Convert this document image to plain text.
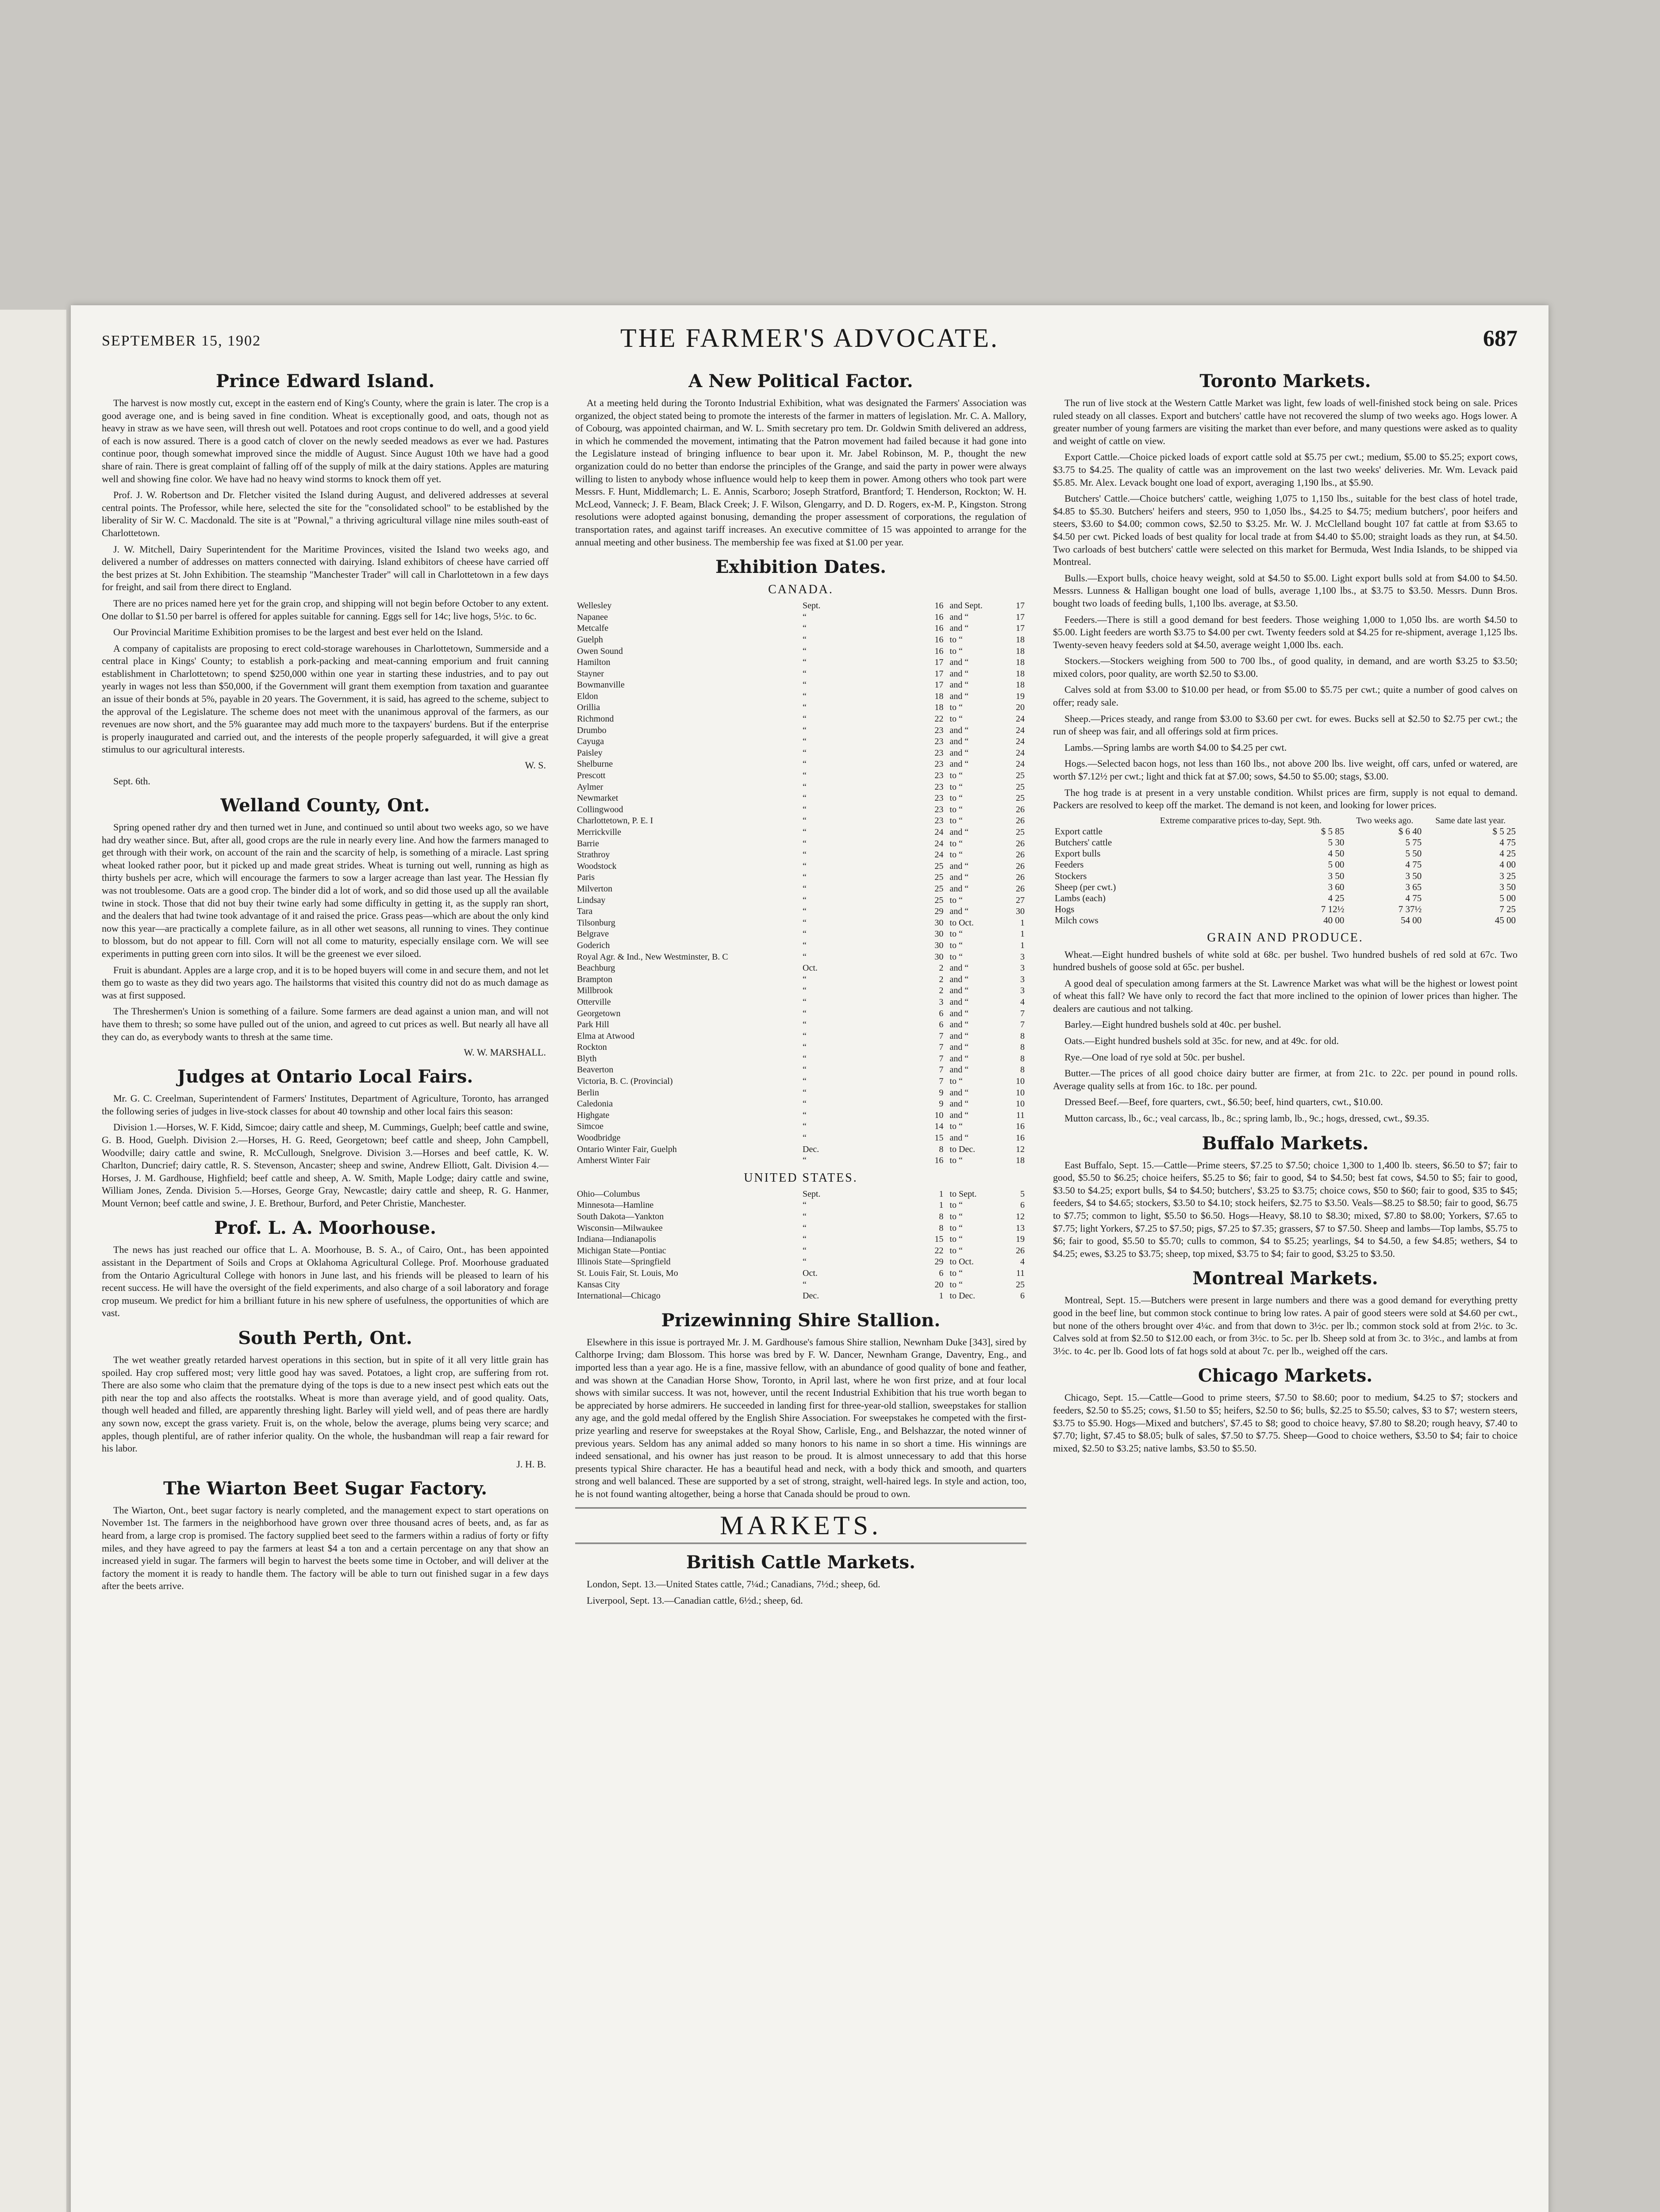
SEPTEMBER 15, 1902	THE FARMER'S ADVOCATE.	687
Prince Edward Island.

The harvest is now mostly cut, except in the eastern end of King's County, where the grain is later. The crop is a good average one, and is being saved in fine condition. Wheat is exceptionally good, and oats, though not as heavy in straw as we have seen, will thresh out well. Potatoes and root crops continue to do well, and a good yield of each is now assured. There is a good catch of clover on the newly seeded meadows as ever we had. Pastures continue poor, though somewhat improved since the middle of August. Since August 10th we have had a good share of rain. There is great complaint of falling off of the supply of milk at the dairy stations. Apples are maturing well and showing fine color. We have had no heavy wind storms to knock them off yet.

Prof. J. W. Robertson and Dr. Fletcher visited the Island during August, and delivered addresses at several central points. The Professor, while here, selected the site for the "consolidated school" to be established by the liberality of Sir W. C. Macdonald. The site is at "Pownal," a thriving agricultural village nine miles south-east of Charlottetown.

J. W. Mitchell, Dairy Superintendent for the Maritime Provinces, visited the Island two weeks ago, and delivered a number of addresses on matters connected with dairying. Island exhibitors of cheese have carried off the best prizes at St. John Exhibition. The steamship "Manchester Trader" will call in Charlottetown in a few days for freight, and sail from there direct to England.

There are no prices named here yet for the grain crop, and shipping will not begin before October to any extent. One dollar to $1.50 per barrel is offered for apples suitable for canning. Eggs sell for 14c; live hogs, 5½c. to 6c.

Our Provincial Maritime Exhibition promises to be the largest and best ever held on the Island.

A company of capitalists are proposing to erect cold-storage warehouses in Charlottetown, Summerside and a central place in Kings' County; to establish a pork-packing and meat-canning emporium and fruit canning establishment in Charlottetown; to spend $250,000 within one year in starting these industries, and to pay out yearly in wages not less than $50,000, if the Government will grant them exemption from taxation and guarantee an issue of their bonds at 5%, payable in 20 years. The Government, it is said, has agreed to the scheme, subject to the approval of the Legislature. The scheme does not meet with the unanimous approval of the farmers, as our revenues are now short, and the 5% guarantee may add much more to the taxpayers' burdens. But if the enterprise is properly inaugurated and carried out, and the interests of the people properly safeguarded, it will give a great stimulus to our agricultural interests.

W. S.
Sept. 6th.
Welland County, Ont.

Spring opened rather dry and then turned wet in June, and continued so until about two weeks ago, so we have had dry weather since. But, after all, good crops are the rule in nearly every line. And how the farmers managed to get through with their work, on account of the rain and the scarcity of help, is something of a miracle. Last spring wheat looked rather poor, but it picked up and made great strides. Wheat is turning out well, running as high as thirty bushels per acre, which will encourage the farmers to sow a larger acreage than last year. The Hessian fly was not troublesome. Oats are a good crop. The binder did a lot of work, and so did those used up all the available twine in stock. Those that did not buy their twine early had some difficulty in getting it, as the supply ran short, and the dealers that had twine took advantage of it and raised the price. Grass peas—which are about the only kind now this year—are practically a complete failure, as in all other wet seasons, all running to vines. They continue to blossom, but do not appear to fill. Corn will not all come to maturity, especially ensilage corn. We will see experiments in putting green corn into silos. It will be the greenest we ever siloed.

Fruit is abundant. Apples are a large crop, and it is to be hoped buyers will come in and secure them, and not let them go to waste as they did two years ago. The hailstorms that visited this country did not do as much damage as was at first supposed.

The Threshermen's Union is something of a failure. Some farmers are dead against a union man, and will not have them to thresh; so some have pulled out of the union, and agreed to cut prices as well. But nearly all have all they can do, as everybody wants to thresh at the same time.

W. W. MARSHALL.
Judges at Ontario Local Fairs.

Mr. G. C. Creelman, Superintendent of Farmers' Institutes, Department of Agriculture, Toronto, has arranged the following series of judges in live-stock classes for about 40 township and other local fairs this season:

Division 1.—Horses, W. F. Kidd, Simcoe; dairy cattle and sheep, M. Cummings, Guelph; beef cattle and swine, G. B. Hood, Guelph. Division 2.—Horses, H. G. Reed, Georgetown; beef cattle and sheep, John Campbell, Woodville; dairy cattle and swine, R. McCullough, Snelgrove. Division 3.—Horses and beef cattle, K. W. Charlton, Duncrief; dairy cattle, R. S. Stevenson, Ancaster; sheep and swine, Andrew Elliott, Galt. Division 4.—Horses, J. M. Gardhouse, Highfield; beef cattle and sheep, A. W. Smith, Maple Lodge; dairy cattle and swine, William Jones, Zenda. Division 5.—Horses, George Gray, Newcastle; dairy cattle and sheep, R. G. Hanmer, Mount Vernon; beef cattle and swine, J. E. Brethour, Burford, and Peter Christie, Manchester.

Prof. L. A. Moorhouse.

The news has just reached our office that L. A. Moorhouse, B. S. A., of Cairo, Ont., has been appointed assistant in the Department of Soils and Crops at Oklahoma Agricultural College. Prof. Moorhouse graduated from the Ontario Agricultural College with honors in June last, and his friends will be pleased to learn of his recent success. He will have the oversight of the field experiments, and also charge of a soil laboratory and forage crop museum. We predict for him a brilliant future in his new sphere of usefulness, the opportunities of which are vast.

South Perth, Ont.

The wet weather greatly retarded harvest operations in this section, but in spite of it all very little grain has spoiled. Hay crop suffered most; very little good hay was saved. Potatoes, a light crop, are suffering from rot. There are also some who claim that the premature dying of the tops is due to a new insect pest which eats out the pith near the top and also affects the rootstalks. Wheat is more than average yield, and of good quality. Oats, though well headed and filled, are apparently threshing light. Barley will yield well, and of peas there are hardly any sown now, except the grass variety. Fruit is, on the whole, below the average, plums being very scarce; and apples, though plentiful, are of rather inferior quality. On the whole, the husbandman will reap a fair reward for his labor.

J. H. B.
The Wiarton Beet Sugar Factory.

The Wiarton, Ont., beet sugar factory is nearly completed, and the management expect to start operations on November 1st. The farmers in the neighborhood have grown over three thousand acres of beets, and, as far as heard from, a large crop is promised. The factory supplied beet seed to the farmers within a radius of forty or fifty miles, and they have agreed to pay the farmers at least $4 a ton and a certain percentage on any that show an increased yield in sugar. The farmers will begin to harvest the beets some time in October, and will deliver at the factory the moment it is ready to handle them. The factory will be able to turn out finished sugar in a few days after the beets arrive.

A New Political Factor.

At a meeting held during the Toronto Industrial Exhibition, what was designated the Farmers' Association was organized, the object stated being to promote the interests of the farmer in matters of legislation. Mr. C. A. Mallory, of Cobourg, was appointed chairman, and W. L. Smith secretary pro tem. Dr. Goldwin Smith delivered an address, in which he commended the movement, intimating that the Patron movement had failed because it had gone into the Legislature instead of bringing influence to bear upon it. Mr. Jabel Robinson, M. P., thought the new organization could do no better than endorse the principles of the Grange, and said the party in power were always willing to listen to anybody whose influence would help to keep them in power. Among others who took part were Messrs. F. Hunt, Middlemarch; L. E. Annis, Scarboro; Joseph Stratford, Brantford; T. Henderson, Rockton; W. H. McLeod, Vanneck; J. F. Beam, Black Creek; J. F. Wilson, Glengarry, and D. D. Rogers, ex-M. P., Kingston. Strong resolutions were adopted against bonusing, demanding the proper assessment of corporations, the regulation of transportation rates, and against tariff increases. An executive committee of 15 was appointed to arrange for the annual meeting and other business. The membership fee was fixed at $1.00 per year.

Exhibition Dates.
CANADA.
Wellesley	Sept.	16	and Sept.	17
Napanee	“	16	and “	17
Metcalfe	“	16	and “	17
Guelph	“	16	to “	18
Owen Sound	“	16	to “	18
Hamilton	“	17	and “	18
Stayner	“	17	and “	18
Bowmanville	“	17	and “	18
Eldon	“	18	and “	19
Orillia	“	18	to “	20
Richmond	“	22	to “	24
Drumbo	“	23	and “	24
Cayuga	“	23	and “	24
Paisley	“	23	and “	24
Shelburne	“	23	and “	24
Prescott	“	23	to “	25
Aylmer	“	23	to “	25
Newmarket	“	23	to “	25
Collingwood	“	23	to “	26
Charlottetown, P. E. I	“	23	to “	26
Merrickville	“	24	and “	25
Barrie	“	24	to “	26
Strathroy	“	24	to “	26
Woodstock	“	25	and “	26
Paris	“	25	and “	26
Milverton	“	25	and “	26
Lindsay	“	25	to “	27
Tara	“	29	and “	30
Tilsonburg	“	30	to Oct.	1
Belgrave	“	30	to “	1
Goderich	“	30	to “	1
Royal Agr. & Ind., New Westminster, B. C	“	30	to “	3
Beachburg	Oct.	2	and “	3
Brampton	“	2	and “	3
Millbrook	“	2	and “	3
Otterville	“	3	and “	4
Georgetown	“	6	and “	7
Park Hill	“	6	and “	7
Elma at Atwood	“	7	and “	8
Rockton	“	7	and “	8
Blyth	“	7	and “	8
Beaverton	“	7	and “	8
Victoria, B. C. (Provincial)	“	7	to “	10
Berlin	“	9	and “	10
Caledonia	“	9	and “	10
Highgate	“	10	and “	11
Simcoe	“	14	to “	16
Woodbridge	“	15	and “	16
Ontario Winter Fair, Guelph	Dec.	8	to Dec.	12
Amherst Winter Fair	“	16	to “	18
UNITED STATES.
Ohio—Columbus	Sept.	1	to Sept.	5
Minnesota—Hamline	“	1	to “	6
South Dakota—Yankton	“	8	to “	12
Wisconsin—Milwaukee	“	8	to “	13
Indiana—Indianapolis	“	15	to “	19
Michigan State—Pontiac	“	22	to “	26
Illinois State—Springfield	“	29	to Oct.	4
St. Louis Fair, St. Louis, Mo	Oct.	6	to “	11
Kansas City	“	20	to “	25
International—Chicago	Dec.	1	to Dec.	6
Prizewinning Shire Stallion.

Elsewhere in this issue is portrayed Mr. J. M. Gardhouse's famous Shire stallion, Newnham Duke [343], sired by Calthorpe Irving; dam Blossom. This horse was bred by F. W. Dancer, Newnham Grange, Daventry, Eng., and imported less than a year ago. He is a fine, massive fellow, with an abundance of good quality of bone and feather, and was shown at the Canadian Horse Show, Toronto, in April last, where he won first prize, and at four local shows with similar success. It was not, however, until the recent Industrial Exhibition that his true worth began to be appreciated by horse admirers. He succeeded in landing first for three-year-old stallion, sweepstakes for stallion any age, and the gold medal offered by the English Shire Association. For sweepstakes he competed with the first-prize yearling and reserve for sweepstakes at the Royal Show, Carlisle, Eng., and Belshazzar, the noted winner of previous years. Seldom has any animal added so many honors to his name in so short a time. His winnings are indeed sensational, and his owner has just reason to be proud. It is almost unnecessary to add that this horse presents typical Shire character. He has a beautiful head and neck, with a body thick and smooth, and quarters strong and well balanced. These are supported by a set of strong, straight, well-haired legs. In style and action, too, he is not found wanting altogether, being a horse that Canada should be proud to own.

MARKETS.
British Cattle Markets.

London, Sept. 13.—United States cattle, 7¼d.; Canadians, 7½d.; sheep, 6d.

Liverpool, Sept. 13.—Canadian cattle, 6½d.; sheep, 6d.

Toronto Markets.

The run of live stock at the Western Cattle Market was light, few loads of well-finished stock being on sale. Prices ruled steady on all classes. Export and butchers' cattle have not recovered the slump of two weeks ago. Hogs lower. A greater number of young farmers are visiting the market than ever before, and many questions were asked as to quality and weight of cattle on view.

Export Cattle.—Choice picked loads of export cattle sold at $5.75 per cwt.; medium, $5.00 to $5.25; export cows, $3.75 to $4.25. The quality of cattle was an improvement on the last two weeks' deliveries. Mr. Wm. Levack paid $5.85. Mr. Alex. Levack bought one load of export, averaging 1,190 lbs., at $5.90.

Butchers' Cattle.—Choice butchers' cattle, weighing 1,075 to 1,150 lbs., suitable for the best class of hotel trade, $4.85 to $5.30. Butchers' heifers and steers, 950 to 1,050 lbs., $4.25 to $4.75; medium butchers', poor heifers and steers, $3.60 to $4.00; common cows, $2.50 to $3.25. Mr. W. J. McClelland bought 107 fat cattle at from $3.65 to $4.50 per cwt. Picked loads of best quality for local trade at from $4.40 to $5.00; straight loads as they run, at $4.50. Two carloads of best butchers' cattle were selected on this market for Bermuda, West India Islands, to be shipped via Montreal.

Bulls.—Export bulls, choice heavy weight, sold at $4.50 to $5.00. Light export bulls sold at from $4.00 to $4.50. Messrs. Lunness & Halligan bought one load of bulls, average 1,100 lbs., at $3.75 to $3.50. Messrs. Dunn Bros. bought two loads of feeding bulls, 1,100 lbs. average, at $3.50.

Feeders.—There is still a good demand for best feeders. Those weighing 1,000 to 1,050 lbs. are worth $4.50 to $5.00. Light feeders are worth $3.75 to $4.00 per cwt. Twenty feeders sold at $4.25 for re-shipment, average 1,125 lbs. Twenty-seven heavy feeders sold at $4.50, average weight 1,000 lbs. each.

Stockers.—Stockers weighing from 500 to 700 lbs., of good quality, in demand, and are worth $3.25 to $3.50; mixed colors, poor quality, are worth $2.50 to $3.00.

Calves sold at from $3.00 to $10.00 per head, or from $5.00 to $5.75 per cwt.; quite a number of good calves on offer; ready sale.

Sheep.—Prices steady, and range from $3.00 to $3.60 per cwt. for ewes. Bucks sell at $2.50 to $2.75 per cwt.; the run of sheep was fair, and all offerings sold at firm prices.

Lambs.—Spring lambs are worth $4.00 to $4.25 per cwt.

Hogs.—Selected bacon hogs, not less than 160 lbs., not above 200 lbs. live weight, off cars, unfed or watered, are worth $7.12½ per cwt.; light and thick fat at $7.00; sows, $4.50 to $5.00; stags, $3.00.

The hog trade is at present in a very unstable condition. Whilst prices are firm, supply is not equal to demand. Packers are resolved to keep off the market. The demand is not keen, and looking for lower prices.

	Extreme comparative prices to-day, Sept. 9th.	Two weeks ago.	Same date last year.
Export cattle	$ 5 85	$ 6 40	$ 5 25
Butchers' cattle	5 30	5 75	4 75
Export bulls	4 50	5 50	4 25
Feeders	5 00	4 75	4 00
Stockers	3 50	3 50	3 25
Sheep (per cwt.)	3 60	3 65	3 50
Lambs (each)	4 25	4 75	5 00
Hogs	7 12½	7 37½	7 25
Milch cows	40 00	54 00	45 00
GRAIN AND PRODUCE.

Wheat.—Eight hundred bushels of white sold at 68c. per bushel. Two hundred bushels of red sold at 67c. Two hundred bushels of goose sold at 65c. per bushel.

A good deal of speculation among farmers at the St. Lawrence Market was what will be the highest or lowest point of wheat this fall? We have only to record the fact that more inclined to the opinion of lower prices than higher. The dealers are cautious and not talking.

Barley.—Eight hundred bushels sold at 40c. per bushel.

Oats.—Eight hundred bushels sold at 35c. for new, and at 49c. for old.

Rye.—One load of rye sold at 50c. per bushel.

Butter.—The prices of all good choice dairy butter are firmer, at from 21c. to 22c. per pound in pound rolls. Average quality sells at from 16c. to 18c. per pound.

Dressed Beef.—Beef, fore quarters, cwt., $6.50; beef, hind quarters, cwt., $10.00.

Mutton carcass, lb., 6c.; veal carcass, lb., 8c.; spring lamb, lb., 9c.; hogs, dressed, cwt., $9.35.

Buffalo Markets.

East Buffalo, Sept. 15.—Cattle—Prime steers, $7.25 to $7.50; choice 1,300 to 1,400 lb. steers, $6.50 to $7; fair to good, $5.50 to $6.25; choice heifers, $5.25 to $6; fair to good, $4 to $4.50; best fat cows, $4.50 to $5; fair to good, $3.50 to $4.25; export bulls, $4 to $4.50; butchers', $3.25 to $3.75; choice cows, $50 to $60; fair to good, $35 to $45; feeders, $4 to $4.65; stockers, $3.50 to $4.10; stock heifers, $2.75 to $3.50. Veals—$8.25 to $8.50; fair to good, $6.75 to $7.75; common to light, $5.50 to $6.50. Hogs—Heavy, $8.10 to $8.30; mixed, $7.80 to $8.00; Yorkers, $7.65 to $7.75; light Yorkers, $7.25 to $7.50; pigs, $7.25 to $7.35; grassers, $7 to $7.50. Sheep and lambs—Top lambs, $5.75 to $6; fair to good, $5.50 to $5.70; culls to common, $4 to $5.25; yearlings, $4 to $4.50, a few $4.85; wethers, $4 to $4.25; ewes, $3.25 to $3.75; sheep, top mixed, $3.75 to $4; fair to good, $3.25 to $3.50.

Montreal Markets.

Montreal, Sept. 15.—Butchers were present in large numbers and there was a good demand for everything pretty good in the beef line, but common stock continue to bring low rates. A pair of good steers were sold at $4.60 per cwt., but none of the others brought over 4¼c. and from that down to 3½c. per lb.; common stock sold at from 2½c. to 3c. Calves sold at from $2.50 to $12.00 each, or from 3½c. to 5c. per lb. Sheep sold at from 3c. to 3½c., and lambs at from 3½c. to 4c. per lb. Good lots of fat hogs sold at about 7c. per lb., weighed off the cars.

Chicago Markets.

Chicago, Sept. 15.—Cattle—Good to prime steers, $7.50 to $8.60; poor to medium, $4.25 to $7; stockers and feeders, $2.50 to $5.25; cows, $1.50 to $5; heifers, $2.50 to $6; bulls, $2.25 to $5.50; calves, $3 to $7; western steers, $3.75 to $5.90. Hogs—Mixed and butchers', $7.45 to $8; good to choice heavy, $7.80 to $8.20; rough heavy, $7.40 to $7.70; light, $7.45 to $8.05; bulk of sales, $7.50 to $7.75. Sheep—Good to choice wethers, $3.50 to $4; fair to choice mixed, $2.50 to $3.25; native lambs, $3.50 to $5.50.
